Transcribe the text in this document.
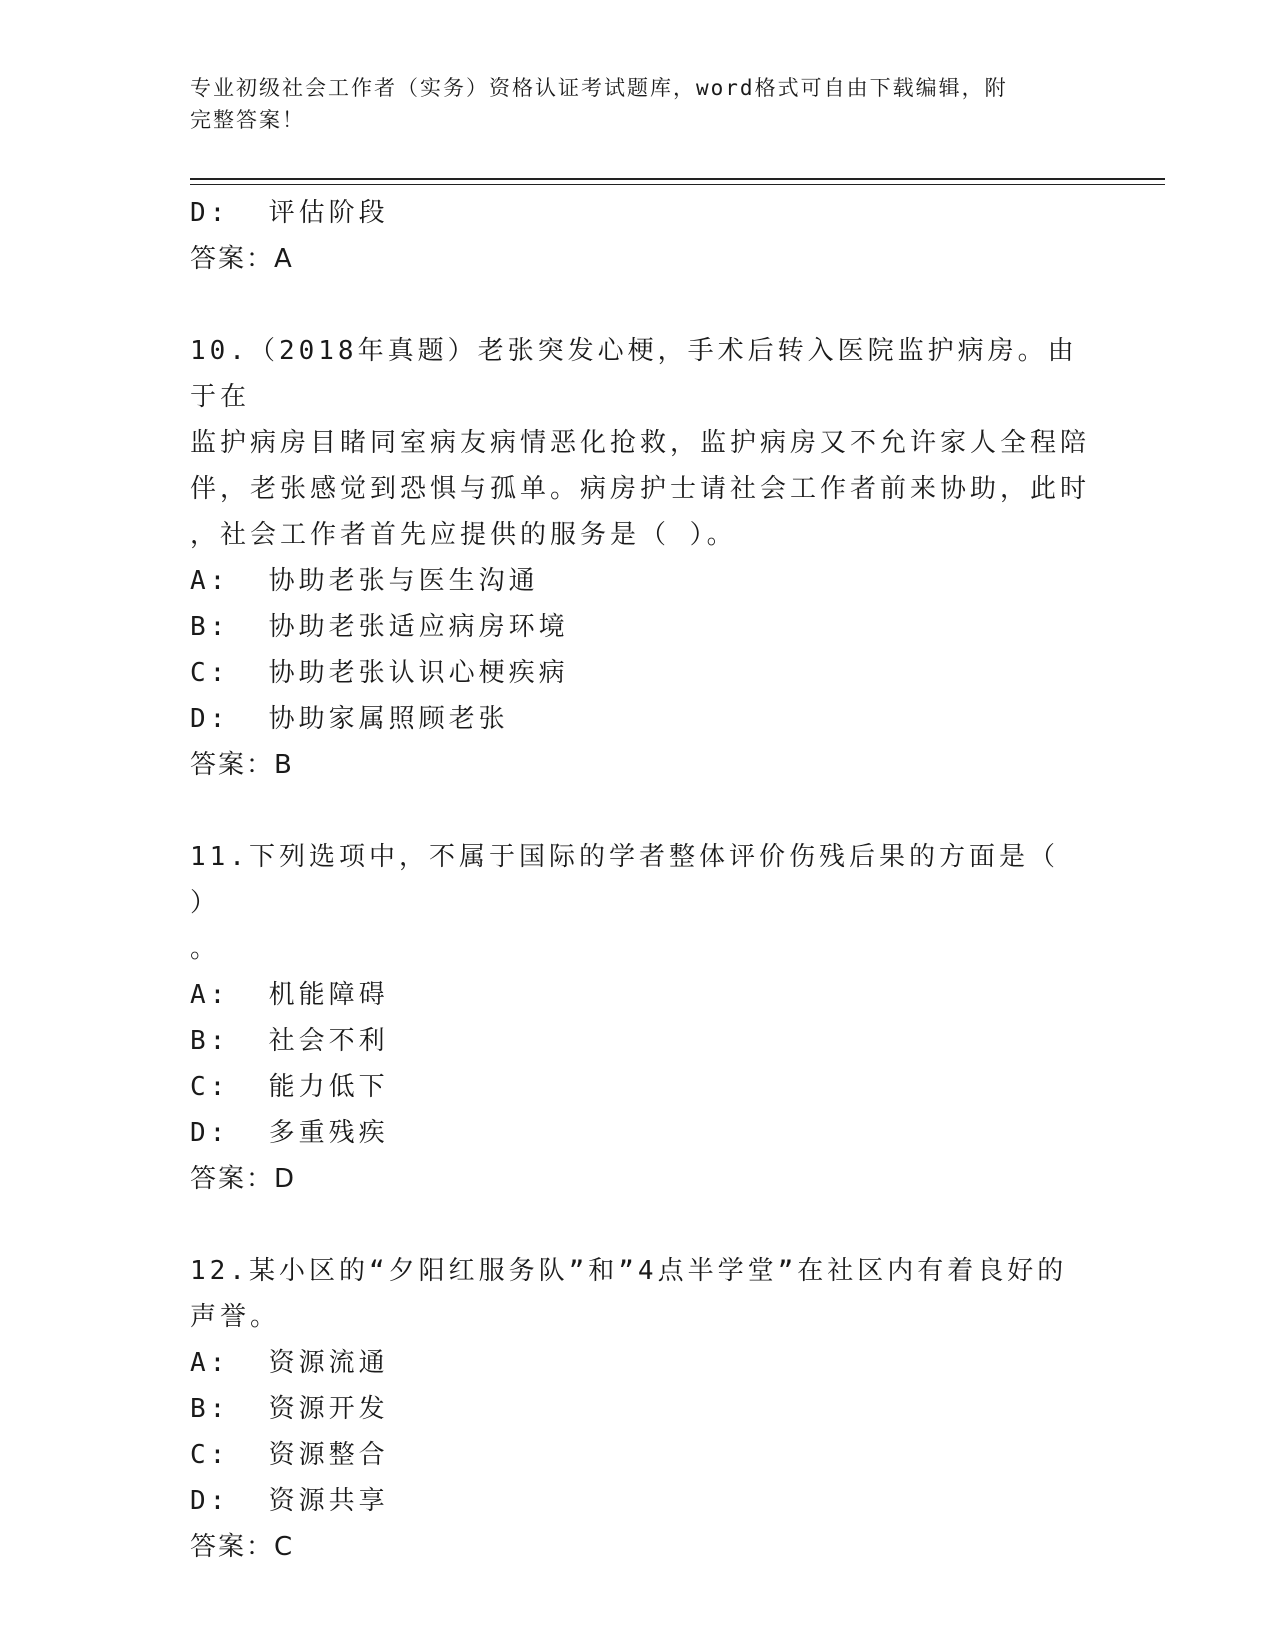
专业初级社会工作者（实务）资格认证考试题库，word格式可自由下载编辑，附
完整答案！
D:  评估阶段
答案：A
10.（2018年真题）老张突发心梗，手术后转入医院监护病房。由于在
监护病房目睹同室病友病情恶化抢救，监护病房又不允许家人全程陪
伴，老张感觉到恐惧与孤单。病房护士请社会工作者前来协助，此时
，社会工作者首先应提供的服务是（ ）。
A:  协助老张与医生沟通
B:  协助老张适应病房环境
C:  协助老张认识心梗疾病
D:  协助家属照顾老张
答案：B
11.下列选项中，不属于国际的学者整体评价伤残后果的方面是（ ）
。
A:  机能障碍
B:  社会不利
C:  能力低下
D:  多重残疾
答案：D
12.某小区的“夕阳红服务队”和”4点半学堂”在社区内有着良好的
声誉。
A:  资源流通
B:  资源开发
C:  资源整合
D:  资源共享
答案：C
